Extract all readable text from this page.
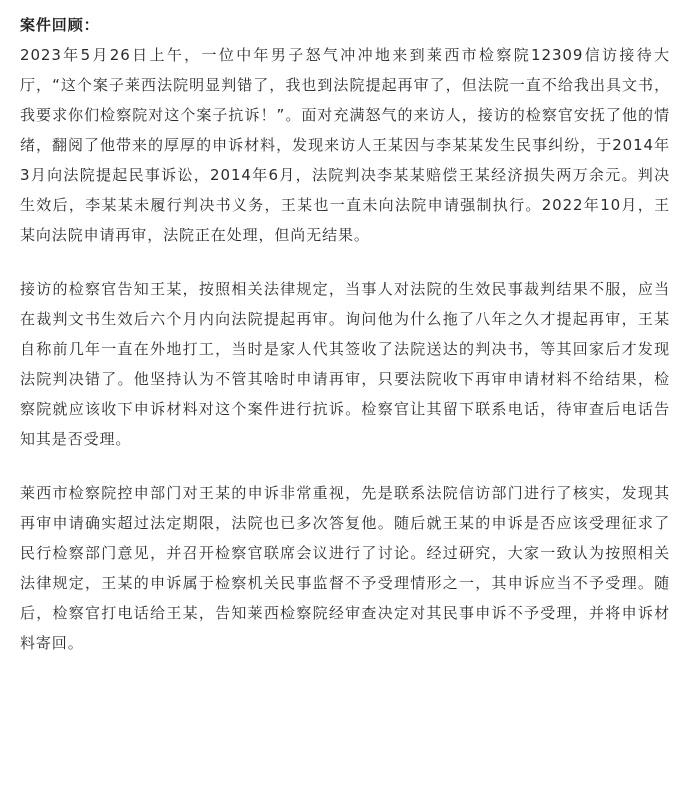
案件回顾：

2023年5月26日上午，一位中年男子怒气冲冲地来到莱西市检察院12309信访接待大厅，“这个案子莱西法院明显判错了，我也到法院提起再审了，但法院一直不给我出具文书，我要求你们检察院对这个案子抗诉！”。面对充满怒气的来访人，接访的检察官安抚了他的情绪，翻阅了他带来的厚厚的申诉材料，发现来访人王某因与李某某发生民事纠纷，于2014年3月向法院提起民事诉讼，2014年6月，法院判决李某某赔偿王某经济损失两万余元。判决生效后，李某某未履行判决书义务，王某也一直未向法院申请强制执行。2022年10月，王某向法院申请再审，法院正在处理，但尚无结果。

接访的检察官告知王某，按照相关法律规定，当事人对法院的生效民事裁判结果不服，应当在裁判文书生效后六个月内向法院提起再审。询问他为什么拖了八年之久才提起再审，王某自称前几年一直在外地打工，当时是家人代其签收了法院送达的判决书，等其回家后才发现法院判决错了。他坚持认为不管其啥时申请再审，只要法院收下再审申请材料不给结果，检察院就应该收下申诉材料对这个案件进行抗诉。检察官让其留下联系电话，待审查后电话告知其是否受理。

莱西市检察院控申部门对王某的申诉非常重视，先是联系法院信访部门进行了核实，发现其再审申请确实超过法定期限，法院也已多次答复他。随后就王某的申诉是否应该受理征求了民行检察部门意见，并召开检察官联席会议进行了讨论。经过研究，大家一致认为按照相关法律规定，王某的申诉属于检察机关民事监督不予受理情形之一，其申诉应当不予受理。随后，检察官打电话给王某，告知莱西检察院经审查决定对其民事申诉不予受理，并将申诉材料寄回。
